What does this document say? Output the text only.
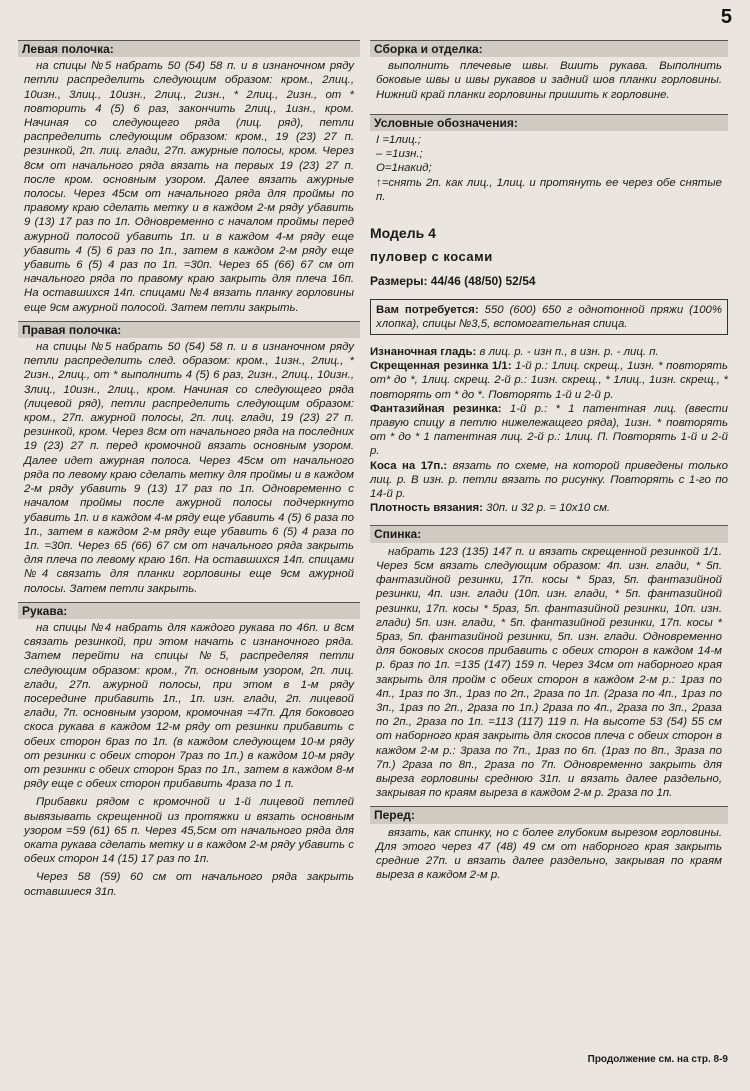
5
Левая полочка:

на спицы №5 набрать 50 (54) 58 п. и в изнаночном ряду петли распределить следующим образом: кром., 2лиц., 10изн., 3лиц., 10изн., 2лиц., 2изн., * 2лиц., 2изн., от * повторить 4 (5) 6 раз, закончить 2лиц., 1изн., кром. Начиная со следующего ряда (лиц. ряд), петли распределить следующим образом: кром., 19 (23) 27 п. резинкой, 2п. лиц. глади, 27п. ажурные полосы, кром. Через 8см от начального ряда вязать на первых 19 (23) 27 п. после кром. основным узором. Далее вязать ажурные полосы. Через 45см от начального ряда для проймы по правому краю сделать метку и в каждом 2-м ряду убавить 9 (13) 17 раз по 1п. Одновременно с началом проймы перед ажурной полосой убавить 1п. и в каждом 4-м ряду еще убавить 4 (5) 6 раз по 1п., затем в каждом 2-м ряду еще убавить 6 (5) 4 раз по 1п. =30п. Через 65 (66) 67 см от начального ряда по правому краю закрыть для плеча 16п. На оставшихся 14п. спицами №4 вязать планку горловины еще 9см ажурной полосой. Затем петли закрыть.

Правая полочка:

на спицы №5 набрать 50 (54) 58 п. и в изнаночном ряду петли распределить след. образом: кром., 1изн., 2лиц., * 2изн., 2лиц., от * выполнить 4 (5) 6 раз, 2изн., 2лиц., 10изн., 3лиц., 10изн., 2лиц., кром. Начиная со следующего ряда (лицевой ряд), петли распределить следующим образом: кром., 27п. ажурной полосы, 2п. лиц. глади, 19 (23) 27 п. резинкой, кром. Через 8см от начального ряда на последних 19 (23) 27 п. перед кромочной вязать основным узором. Далее идет ажурная полоса. Через 45см от начального ряда по левому краю сделать метку для проймы и в каждом 2-м ряду убавить 9 (13) 17 раз по 1п. Одновременно с началом проймы после ажурной полосы подчеркнуто убавить 1п. и в каждом 4-м ряду еще убавить 4 (5) 6 раза по 1п., затем в каждом 2-м ряду еще убавить 6 (5) 4 раза по 1п. =30п. Через 65 (66) 67 см от начального ряда закрыть для плеча по левому краю 16п. На оставшихся 14п. спицами №4 связать для планки горловины еще 9см ажурной полосы. Затем петли закрыть.

Рукава:

на спицы №4 набрать для каждого рукава по 46п. и 8см связать резинкой, при этом начать с изнаночного ряда. Затем перейти на спицы №5, распределяя петли следующим образом: кром., 7п. основным узором, 2п. лиц. глади, 27п. ажурной полосы, при этом в 1-м ряду посередине прибавить 1п., 1п. изн. глади, 2п. лицевой глади, 7п. основным узором, кромочная =47п. Для бокового скоса рукава в каждом 12-м ряду от резинки прибавить с обеих сторон 6раз по 1п. (в каждом следующем 10-м ряду от резинки с обеих сторон 7раз по 1п.) в каждом 10-м ряду от резинки с обеих сторон 5раз по 1п., затем в каждом 8-м ряду еще с обеих сторон прибавить 4раза по 1 п.

Прибавки рядом с кромочной и 1-й лицевой петлей вывязывать скрещенной из протяжки и вязать основным узором =59 (61) 65 п. Через 45,5см от начального ряда для оката рукава сделать метку и в каждом 2-м ряду убавить с обеих сторон 14 (15) 17 раз по 1п.

Через 58 (59) 60 см от начального ряда закрыть оставшиеся 31п.

Сборка и отделка:

выполнить плечевые швы. Вшить рукава. Выполнить боковые швы и швы рукавов и задний шов планки горловины. Нижний край планки горловины пришить к горловине.

Условные обозначения:

I =1лиц.;

– =1изн.;

O=1накид;

↑=снять 2п. как лиц., 1лиц. и протянуть ее через обе снятые п.

Модель 4
пуловер с косами
Размеры: 44/46 (48/50) 52/54
Вам потребуется: 550 (600) 650 г однотонной пряжи (100% хлопка), спицы №3,5, вспомогательная спица.

Изнаночная гладь: в лиц. р. - изн п., в изн. р. - лиц. п.

Скрещенная резинка 1/1: 1-й р.: 1лиц. скрещ., 1изн. * повторять от* до *, 1лиц. скрещ. 2-й р.: 1изн. скрещ., * 1лиц., 1изн. скрещ., * повторять от * до *. Повторять 1-й и 2-й р.

Фантазийная резинка: 1-й р.: * 1 патентная лиц. (ввести правую спицу в петлю нижележащего ряда), 1изн. * повторять от * до * 1 патентная лиц. 2-й р.: 1лиц. П. Повторять 1-й и 2-й р.

Коса на 17п.: вязать по схеме, на которой приведены только лиц. р. В изн. р. петли вязать по рисунку. Повторять с 1-го по 14-й р.

Плотность вязания: 30п. и 32 р. = 10х10 см.

Спинка:

набрать 123 (135) 147 п. и вязать скрещенной резинкой 1/1. Через 5см вязать следующим образом: 4п. изн. глади, * 5п. фантазийной резинки, 17п. косы * 5раз, 5п. фантазийной резинки, 4п. изн. глади (10п. изн. глади, * 5п. фантазийной резинки, 17п. косы * 5раз, 5п. фантазийной резинки, 10п. изн. глади) 5п. изн. глади, * 5п. фантазийной резинки, 17п. косы * 5раз, 5п. фантазийной резинки, 5п. изн. глади. Одновременно для боковых скосов прибавить с обеих сторон в каждом 14-м р. 6раз по 1п. =135 (147) 159 п. Через 34см от наборного края закрыть для пройм с обеих сторон в каждом 2-м р.: 1раз по 4п., 1раз по 3п., 1раз по 2п., 2раза по 1п. (2раза по 4п., 1раз по 3п., 1раз по 2п., 2раза по 1п.) 2раза по 4п., 2раза по 3п., 2раза по 2п., 2раза по 1п. =113 (117) 119 п. На высоте 53 (54) 55 см от наборного края закрыть для скосов плеча с обеих сторон в каждом 2-м р.: 3раза по 7п., 1раз по 6п. (1раз по 8п., 3раза по 7п.) 2раза по 8п., 2раза по 7п. Одновременно закрыть для выреза горловины среднюю 31п. и вязать далее раздельно, закрывая по краям выреза в каждом 2-м р. 2раза по 1п.

Перед:

вязать, как спинку, но с более глубоким вырезом горловины. Для этого через 47 (48) 49 см от наборного края закрыть средние 27п. и вязать далее раздельно, закрывая по краям выреза в каждом 2-м р.

Продолжение см. на стр. 8-9
